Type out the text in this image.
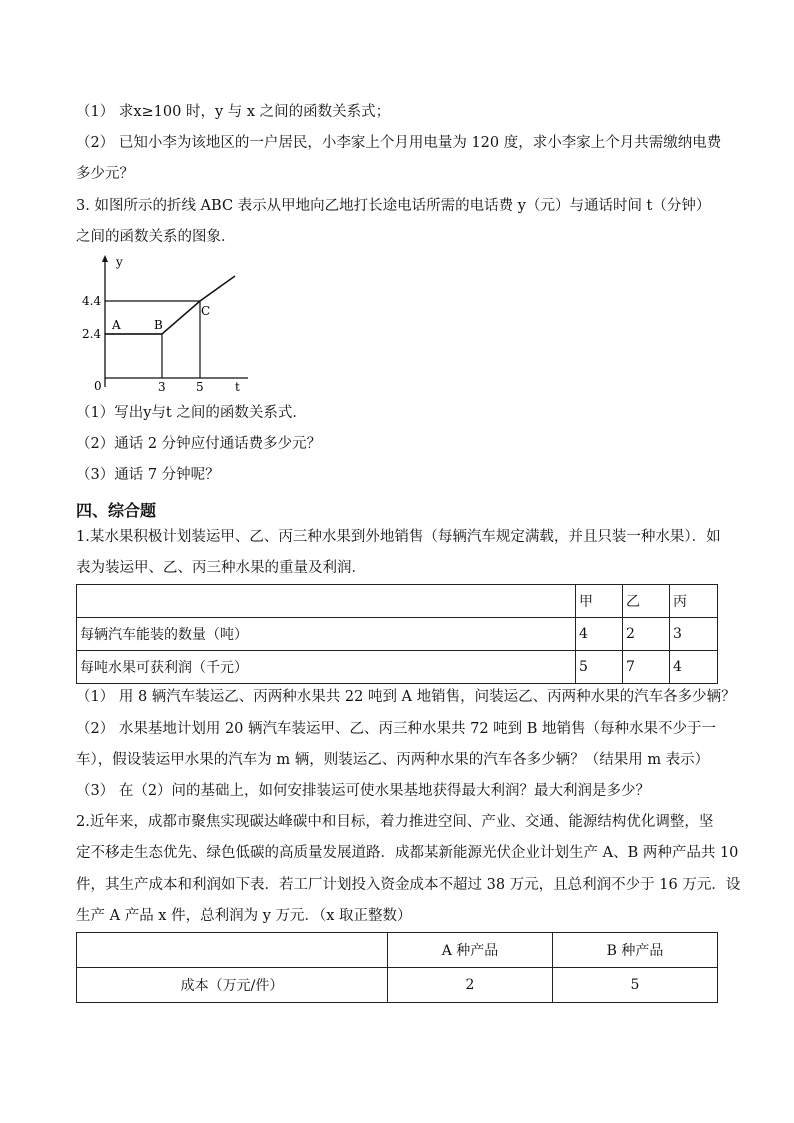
（1） 求x≥100 时，y 与 x 之间的函数关系式；
（2） 已知小李为该地区的一户居民，小李家上个月用电量为 120 度，求小李家上个月共需缴纳电费
多少元？
3. 如图所示的折线 ABC 表示从甲地向乙地打长途电话所需的电话费 y（元）与通话时间 t（分钟）
之间的函数关系的图象．
y
t
0
4.4
2.4
3	5
A	B
C
（1）写出y与t 之间的函数关系式．
（2）通话 2 分钟应付通话费多少元？
（3）通话 7 分钟呢？
四、综合题
1.某水果积极计划装运甲、乙、丙三种水果到外地销售（每辆汽车规定满载，并且只装一种水果）．如
表为装运甲、乙、丙三种水果的重量及利润．
	甲	乙	丙
每辆汽车能装的数量（吨）	4	2	3
每吨水果可获利润（千元）	5	7	4
（1） 用 8 辆汽车装运乙、丙两种水果共 22 吨到 A 地销售，问装运乙、丙两种水果的汽车各多少辆？
（2） 水果基地计划用 20 辆汽车装运甲、乙、丙三种水果共 72 吨到 B 地销售（每种水果不少于一
车），假设装运甲水果的汽车为 m 辆，则装运乙、丙两种水果的汽车各多少辆？（结果用 m 表示）
（3） 在（2）问的基础上，如何安排装运可使水果基地获得最大利润？最大利润是多少？
2.近年来，成都市聚焦实现碳达峰碳中和目标，着力推进空间、产业、交通、能源结构优化调整，坚
定不移走生态优先、绿色低碳的高质量发展道路．成都某新能源光伏企业计划生产 A、B 两种产品共 10
件，其生产成本和利润如下表．若工厂计划投入资金成本不超过 38 万元，且总利润不少于 16 万元．设
生产 A 产品 x 件，总利润为 y 万元．（x 取正整数）
	A 种产品	B 种产品
成本（万元/件）	2	5
